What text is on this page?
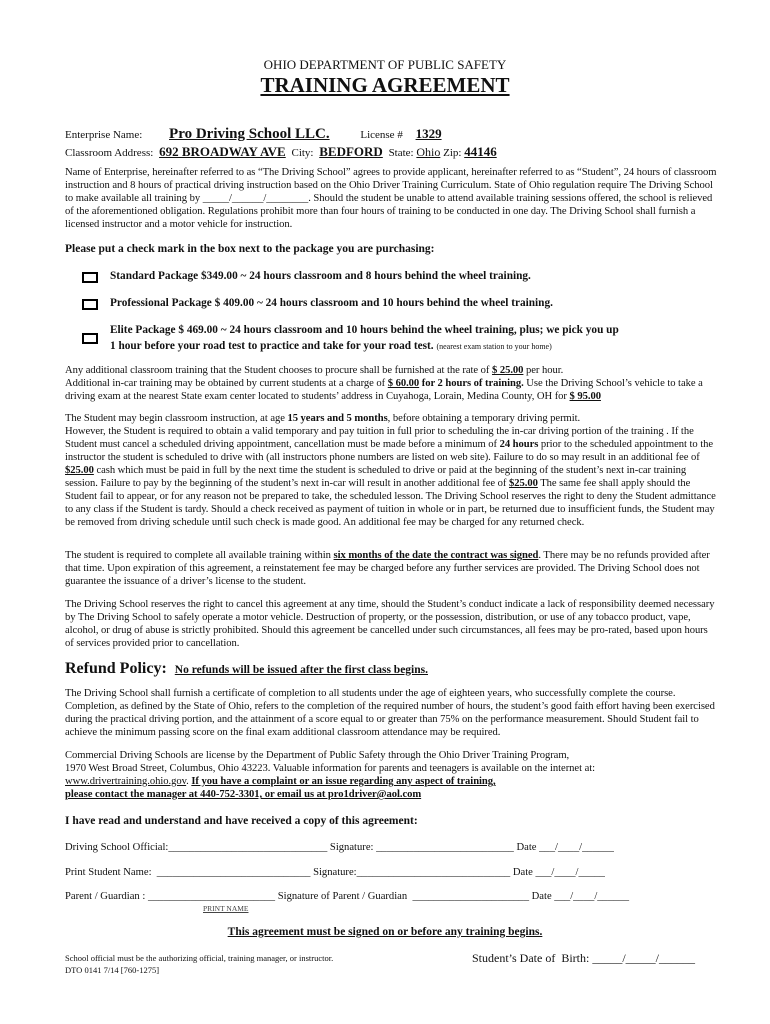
OHIO DEPARTMENT OF PUBLIC SAFETY
TRAINING AGREEMENT
Enterprise Name: Pro Driving School LLC.	License # 1329
Classroom Address: 692 BROADWAY AVE City: BEDFORD State: Ohio Zip: 44146
Name of Enterprise, hereinafter referred to as “The Driving School” agrees to provide applicant, hereinafter referred to as “Student”, 24 hours of classroom instruction and 8 hours of practical driving instruction based on the Ohio Driver Training Curriculum. State of Ohio regulation require The Driving School to make available all training by _____/______/________. Should the student be unable to attend available training sessions offered, the school is relieved of the aforementioned obligation. Regulations prohibit more than four hours of training to be conducted in one day. The Driving School shall furnish a licensed instructor and a motor vehicle for instruction.
Please put a check mark in the box next to the package you are purchasing:
Standard Package $349.00 ~ 24 hours classroom and 8 hours behind the wheel training.
Professional Package $ 409.00 ~ 24 hours classroom and 10 hours behind the wheel training.
Elite Package $ 469.00 ~ 24 hours classroom and 10 hours behind the wheel training, plus; we pick you up
1 hour before your road test to practice and take for your road test. (nearest exam station to your home)
Any additional classroom training that the Student chooses to procure shall be furnished at the rate of $ 25.00 per hour.
Additional in-car training may be obtained by current students at a charge of $ 60.00 for 2 hours of training. Use the Driving School’s vehicle to take a driving exam at the nearest State exam center located to students’ address in Cuyahoga, Lorain, Medina County, OH for $ 95.00
The Student may begin classroom instruction, at age 15 years and 5 months, before obtaining a temporary driving permit.
However, the Student is required to obtain a valid temporary and pay tuition in full prior to scheduling the in-car driving portion of the training . If the Student must cancel a scheduled driving appointment, cancellation must be made before a minimum of 24 hours prior to the scheduled appointment to the instructor the student is scheduled to drive with (all instructors phone numbers are listed on web site). Failure to do so may result in an additional fee of $25.00 cash which must be paid in full by the next time the student is scheduled to drive or paid at the beginning of the student’s next in-car training session. Failure to pay by the beginning of the student’s next in-car will result in another additional fee of $25.00 The same fee shall apply should the Student fail to appear, or for any reason not be prepared to take, the scheduled lesson. The Driving School reserves the right to deny the Student admittance to any class if the Student is tardy. Should a check received as payment of tuition in whole or in part, be returned due to insufficient funds, the Student may be removed from driving schedule until such check is made good. An additional fee may be charged for any returned check.
The student is required to complete all available training within six months of the date the contract was signed. There may be no refunds provided after that time. Upon expiration of this agreement, a reinstatement fee may be charged before any further services are provided. The Driving School does not guarantee the issuance of a driver’s license to the student.
The Driving School reserves the right to cancel this agreement at any time, should the Student’s conduct indicate a lack of responsibility deemed necessary by The Driving School to safely operate a motor vehicle. Destruction of property, or the possession, distribution, or use of any tobacco product, vape, alcohol, or drug of abuse is strictly prohibited. Should this agreement be cancelled under such circumstances, all fees may be pro-rated, based upon hours of services provided prior to cancellation.
Refund Policy: No refunds will be issued after the first class begins.
The Driving School shall furnish a certificate of completion to all students under the age of eighteen years, who successfully complete the course. Completion, as defined by the State of Ohio, refers to the completion of the required number of hours, the student’s good faith effort having been exercised during the practical driving portion, and the attainment of a score equal to or greater than 75% on the performance measurement. Should Student fail to achieve the minimum passing score on the final exam additional classroom attendance may be required.
Commercial Driving Schools are license by the Department of Public Safety through the Ohio Driver Training Program,
1970 West Broad Street, Columbus, Ohio 43223. Valuable information for parents and teenagers is available on the internet at:
www.drivertraining.ohio.gov. If you have a complaint or an issue regarding any aspect of training,
please contact the manager at 440-752-3301, or email us at pro1driver@aol.com
I have read and understand and have received a copy of this agreement:
Driving School Official:______________________________ Signature: __________________________ Date ___/____/______
Print Student Name:  _____________________________ Signature:_____________________________ Date ___/____/_____
Parent / Guardian : ________________________ Signature of Parent / Guardian  ______________________ Date ___/____/______
PRINT NAME
This agreement must be signed on or before any training begins.
School official must be the authorizing official, training manager, or instructor.
DTO 0141 7/14 [760-1275]
Student’s Date of  Birth: _____/_____/______
